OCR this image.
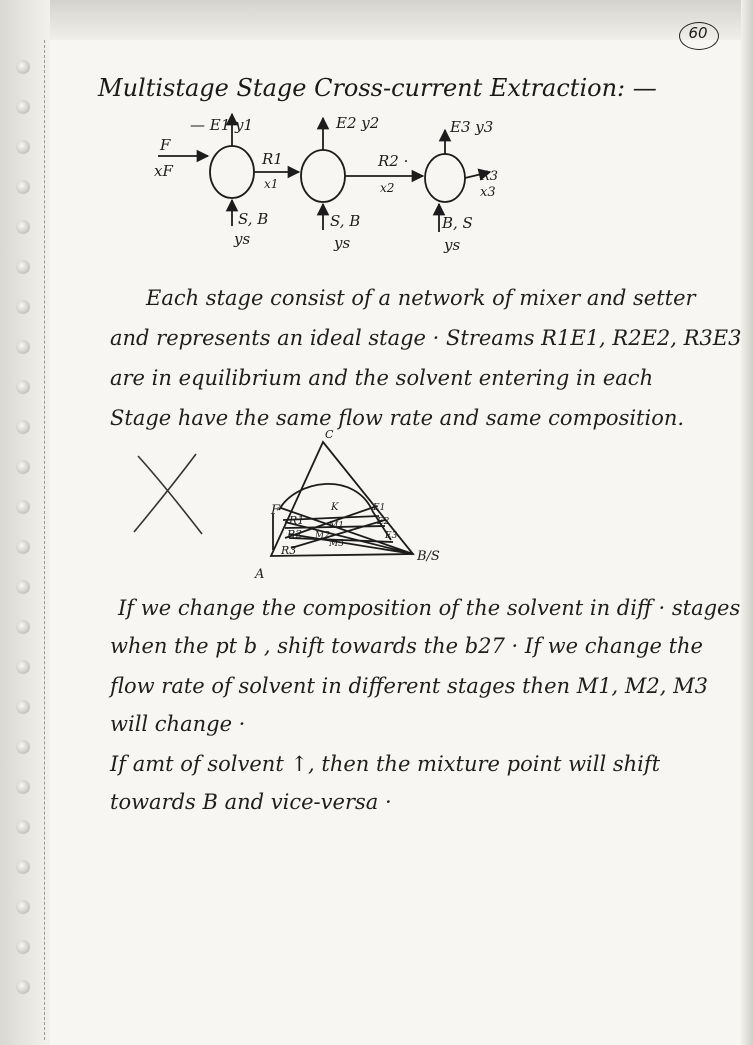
60
Multistage Stage Cross-current Extraction: —
F
xF
— E1 y1	E2 y2	E3 y3
R1
x1
R2 ·
x2
R3
x3
S, B
ys
S, B
ys
B, S
ys
Each stage consist of a network of mixer and setter
and represents an ideal stage · Streams R1E1, R2E2, R3E3
are in equilibrium and the solvent entering in each
Stage have the same flow rate and same composition.
C
A
B/S
F
R1
R2
R3
E1
E2
E3
M1
M2
M3
K
If we change the composition of the solvent in diff · stages
when the pt b , shift towards the b27 · If we change the
flow rate of solvent in different stages then M1, M2, M3
will change ·
If amt of solvent ↑, then the mixture point will shift
towards B and vice-versa ·
